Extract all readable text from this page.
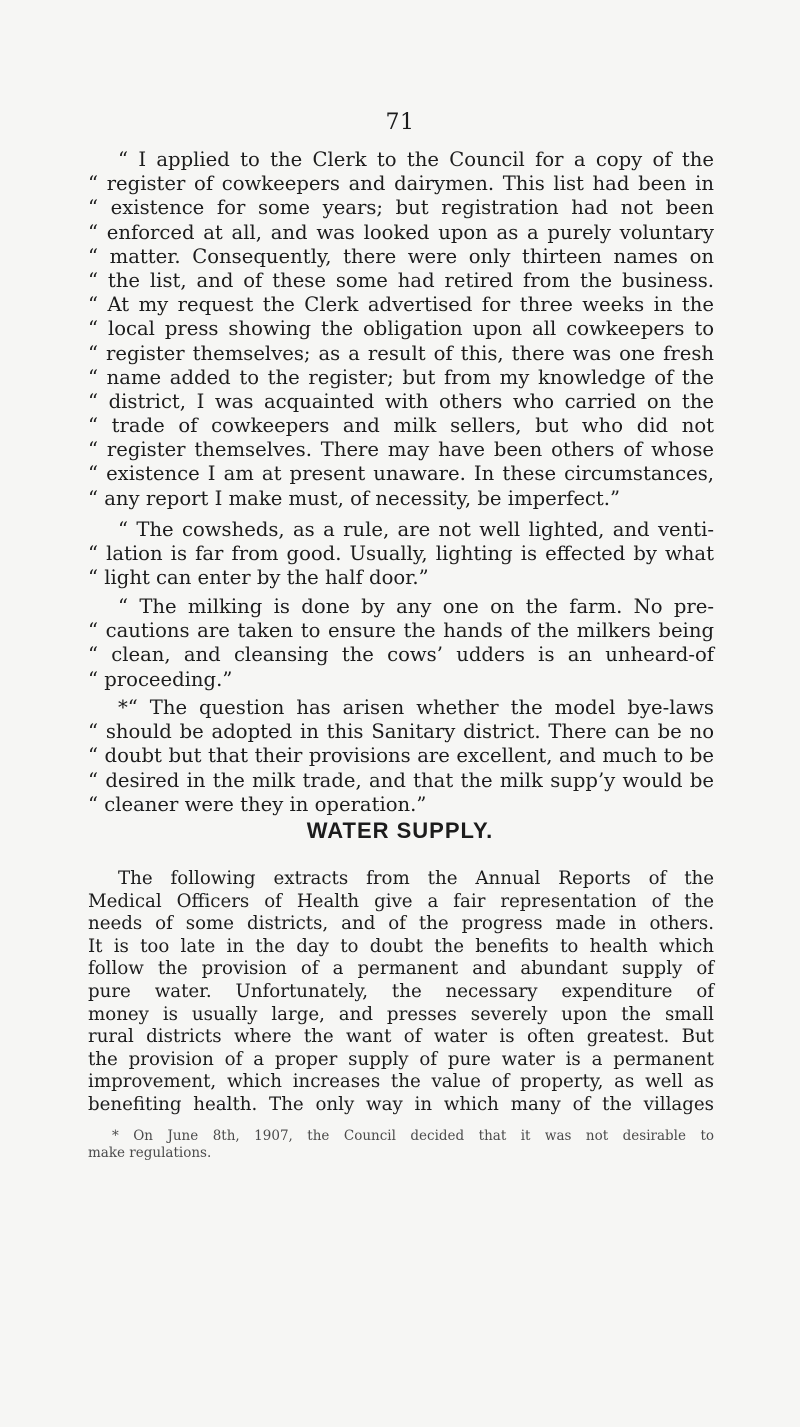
71
“ I applied to the Clerk to the Council for a copy of the
“ register of cowkeepers and dairymen. This list had been in
“ existence for some years; but registration had not been
“ enforced at all, and was looked upon as a purely voluntary
“ matter. Consequently, there were only thirteen names on
“ the list, and of these some had retired from the business.
“ At my request the Clerk advertised for three weeks in the
“ local press showing the obligation upon all cowkeepers to
“ register themselves; as a result of this, there was one fresh
“ name added to the register; but from my knowledge of the
“ district, I was acquainted with others who carried on the
“ trade of cowkeepers and milk sellers, but who did not
“ register themselves. There may have been others of whose
“ existence I am at present unaware. In these circumstances,
“ any report I make must, of necessity, be imperfect.”
“ The cowsheds, as a rule, are not well lighted, and venti-
“ lation is far from good. Usually, lighting is effected by what
“ light can enter by the half door.”
“ The milking is done by any one on the farm. No pre-
“ cautions are taken to ensure the hands of the milkers being
“ clean, and cleansing the cows’ udders is an unheard-of
“ proceeding.”
*“ The question has arisen whether the model bye-laws
“ should be adopted in this Sanitary district. There can be no
“ doubt but that their provisions are excellent, and much to be
“ desired in the milk trade, and that the milk supp’y would be
“ cleaner were they in operation.”
WATER SUPPLY.
The following extracts from the Annual Reports of the
Medical Officers of Health give a fair representation of the
needs of some districts, and of the progress made in others.
It is too late in the day to doubt the benefits to health which
follow the provision of a permanent and abundant supply of
pure water. Unfortunately, the necessary expenditure of
money is usually large, and presses severely upon the small
rural districts where the want of water is often greatest. But
the provision of a proper supply of pure water is a permanent
improvement, which increases the value of property, as well as
benefiting health. The only way in which many of the villages
* On June 8th, 1907, the Council decided that it was not desirable to
make regulations.
